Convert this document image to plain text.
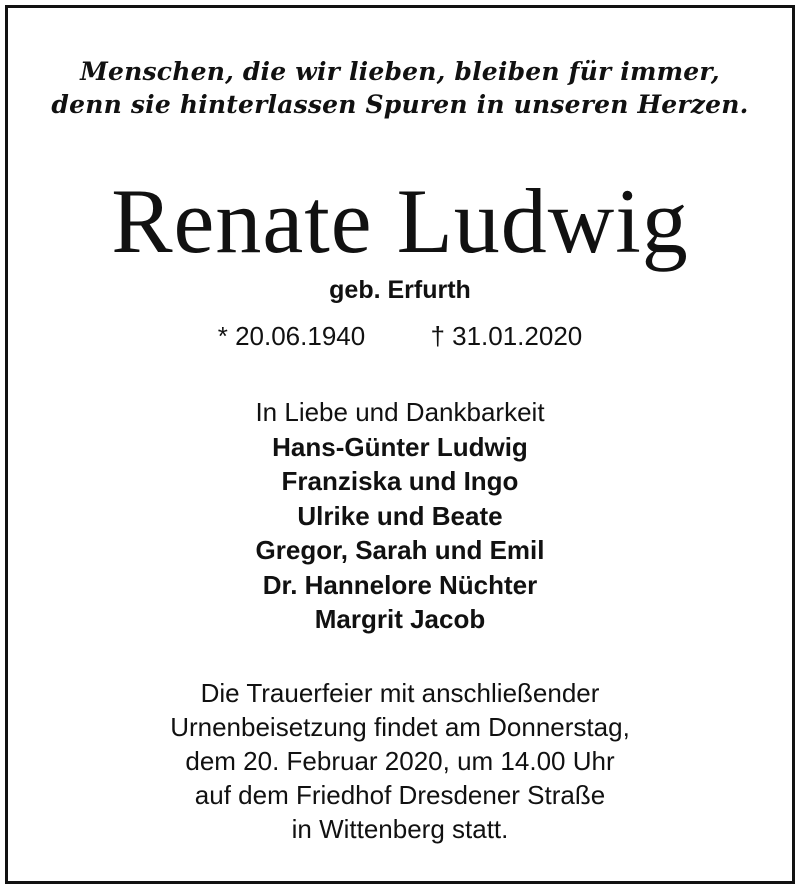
Menschen, die wir lieben, bleiben für immer,
denn sie hinterlassen Spuren in unseren Herzen.

Renate Ludwig
geb. Erfurth
* 20.06.1940	† 31.01.2020
In Liebe und Dankbarkeit
Hans-Günter Ludwig
Franziska und Ingo
Ulrike und Beate
Gregor, Sarah und Emil
Dr. Hannelore Nüchter
Margrit Jacob
Die Trauerfeier mit anschließender
Urnenbeisetzung findet am Donnerstag,
dem 20. Februar 2020, um 14.00 Uhr
auf dem Friedhof Dresdener Straße
in Wittenberg statt.
